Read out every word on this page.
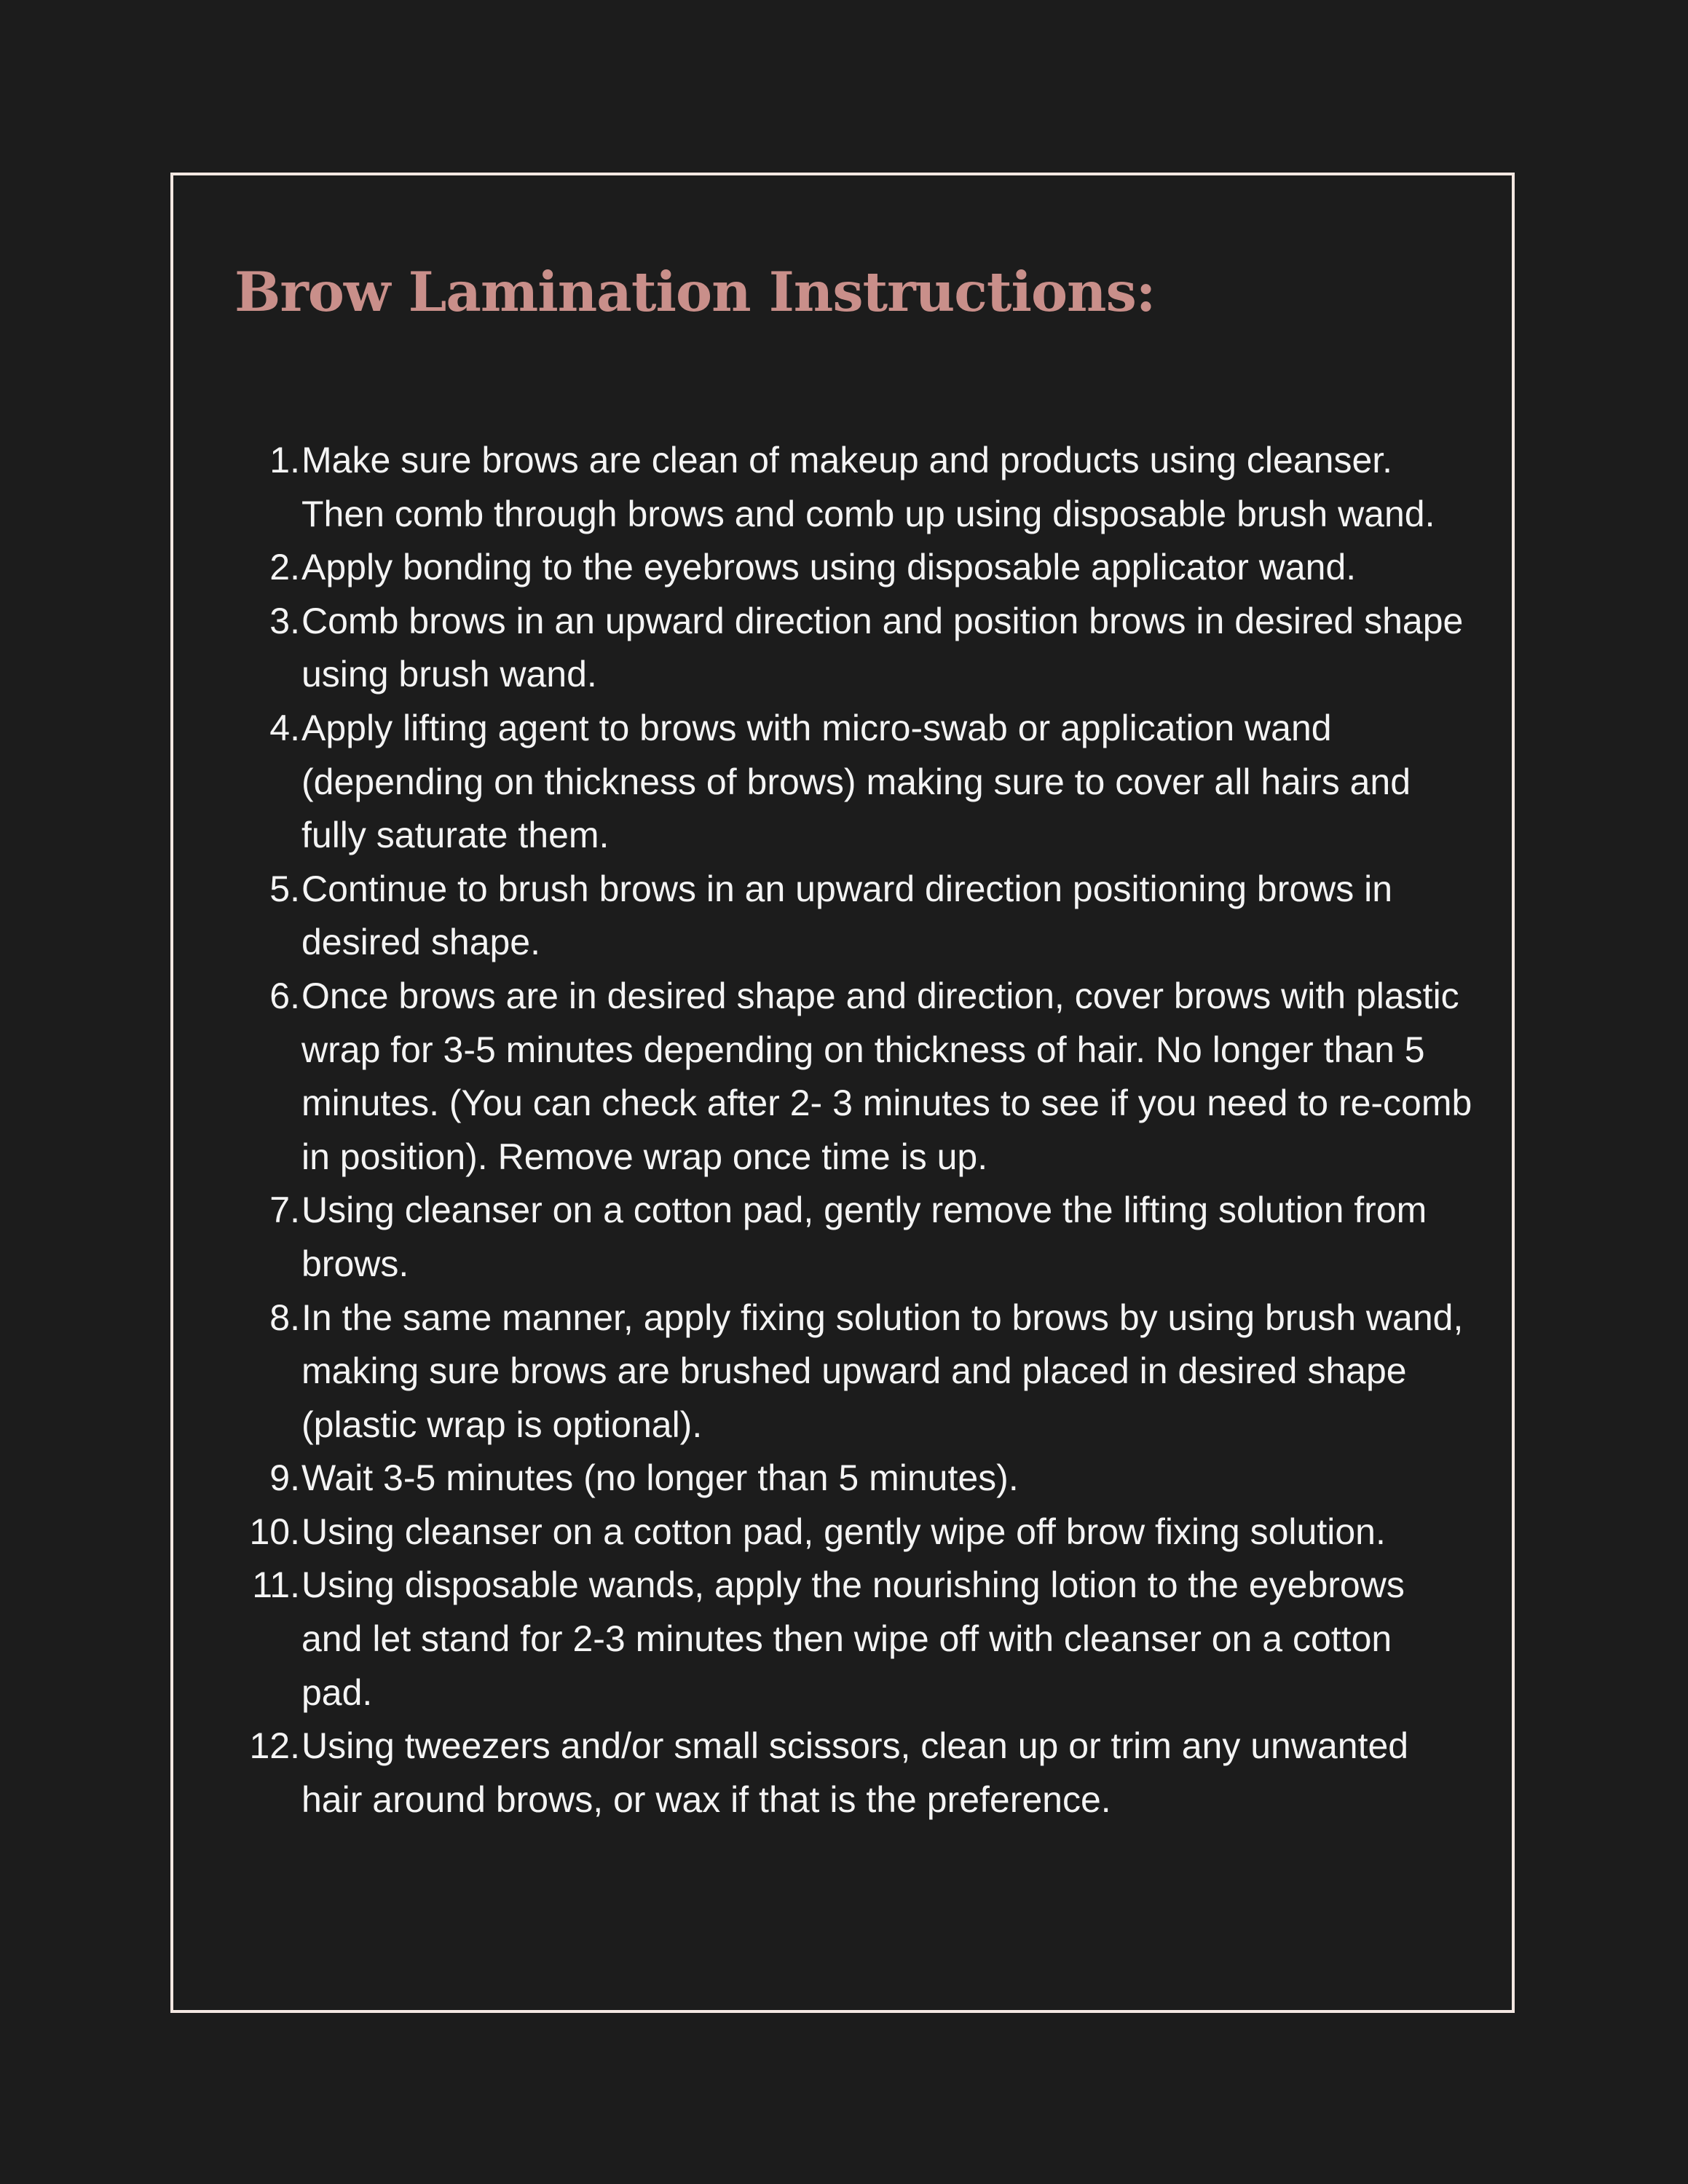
Brow Lamination Instructions:
1. Make sure brows are clean of makeup and products using cleanser. Then comb through brows and comb up using disposable brush wand.
2. Apply bonding to the eyebrows using disposable applicator wand.
3. Comb brows in an upward direction and position brows in desired shape using brush wand.
4. Apply lifting agent to brows with micro-swab or application wand (depending on thickness of brows) making sure to cover all hairs and fully saturate them.
5. Continue to brush brows in an upward direction positioning brows in desired shape.
6. Once brows are in desired shape and direction, cover brows with plastic wrap for 3-5 minutes depending on thickness of hair. No longer than 5 minutes. (You can check after 2- 3 minutes to see if you need to re-comb in position). Remove wrap once time is up.
7. Using cleanser on a cotton pad, gently remove the lifting solution from brows.
8. In the same manner, apply fixing solution to brows by using brush wand, making sure brows are brushed upward and placed in desired shape (plastic wrap is optional).
9. Wait 3-5 minutes (no longer than 5 minutes).
10. Using cleanser on a cotton pad, gently wipe off brow fixing solution.
11. Using disposable wands, apply the nourishing lotion to the eyebrows and let stand for 2-3 minutes then wipe off with cleanser on a cotton pad.
12. Using tweezers and/or small scissors, clean up or trim any unwanted hair around brows, or wax if that is the preference.
